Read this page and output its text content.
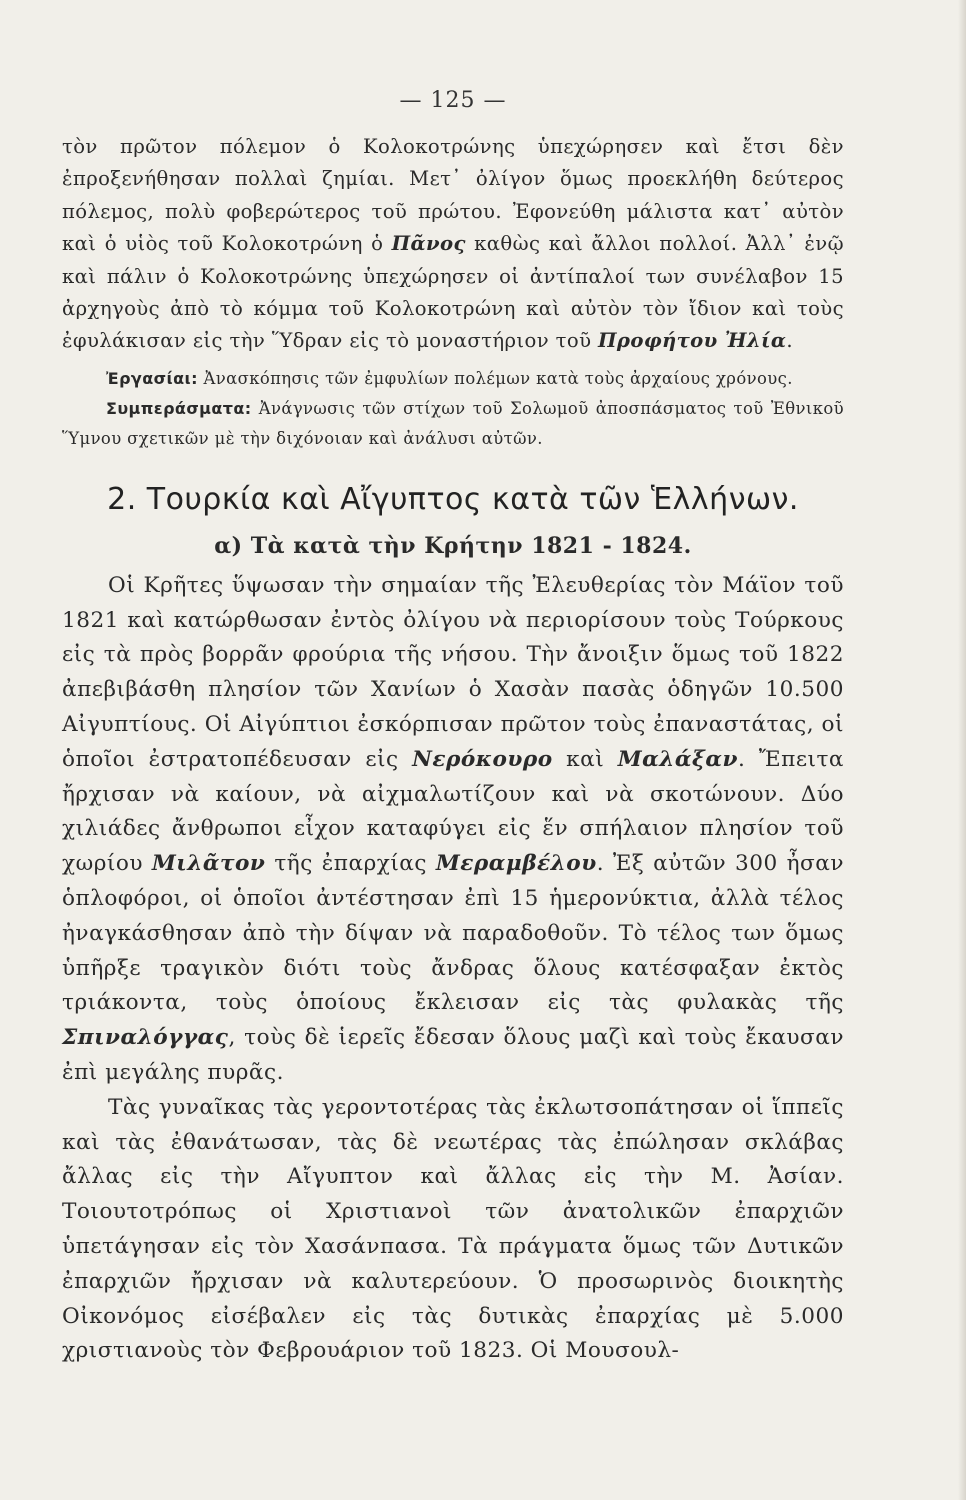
— 125 —

τὸν πρῶτον πόλεμον ὁ Κολοκοτρώνης ὑπεχώρησεν καὶ ἔτσι δὲν ἐπροξενήθησαν πολλαὶ ζημίαι. Μετ᾽ ὀλίγον ὅμως προεκλήθη δεύτερος πόλεμος, πολὺ φοβερώτερος τοῦ πρώτου. Ἐφονεύθη μάλιστα κατ᾽ αὐτὸν καὶ ὁ υἱὸς τοῦ Κολοκοτρώνη ὁ Πᾶνος καθὼς καὶ ἄλλοι πολλοί. Ἀλλ᾽ ἐνῷ καὶ πάλιν ὁ Κολοκοτρώνης ὑπεχώρησεν οἱ ἀντίπαλοί των συνέλαβον 15 ἀρχηγοὺς ἀπὸ τὸ κόμμα τοῦ Κολοκοτρώνη καὶ αὐτὸν τὸν ἴδιον καὶ τοὺς ἐφυλάκισαν εἰς τὴν Ὕδραν εἰς τὸ μοναστήριον τοῦ Προφήτου Ἠλία.

Ἐργασίαι: Ἀνασκόπησις τῶν ἐμφυλίων πολέμων κατὰ τοὺς ἀρχαίους χρόνους.

Συμπεράσματα: Ἀνάγνωσις τῶν στίχων τοῦ Σολωμοῦ ἀποσπάσματος τοῦ Ἐθνικοῦ Ὕμνου σχετικῶν μὲ τὴν διχόνοιαν καὶ ἀνάλυσι αὐτῶν.

2. Τουρκία καὶ Αἴγυπτος κατὰ τῶν Ἑλλήνων.
α) Τὰ κατὰ τὴν Κρήτην 1821 - 1824.

Οἱ Κρῆτες ὕψωσαν τὴν σημαίαν τῆς Ἐλευθερίας τὸν Μάϊον τοῦ 1821 καὶ κατώρθωσαν ἐντὸς ὀλίγου νὰ περιορίσουν τοὺς Τούρκους εἰς τὰ πρὸς βορρᾶν φρούρια τῆς νήσου. Τὴν ἄνοιξιν ὅμως τοῦ 1822 ἀπεβιβάσθη πλησίον τῶν Χανίων ὁ Χασὰν πασὰς ὁδηγῶν 10.500 Αἰγυπτίους. Οἱ Αἰγύπτιοι ἐσκόρπισαν πρῶτον τοὺς ἐπαναστάτας, οἱ ὁποῖοι ἐστρατοπέδευσαν εἰς Νερόκουρο καὶ Μαλάξαν. Ἔπειτα ἤρχισαν νὰ καίουν, νὰ αἰχμαλωτίζουν καὶ νὰ σκοτώνουν. Δύο χιλιάδες ἄνθρωποι εἶχον καταφύγει εἰς ἕν σπήλαιον πλησίον τοῦ χωρίου Μιλᾶτον τῆς ἐπαρχίας Μεραμβέλου. Ἐξ αὐτῶν 300 ἦσαν ὁπλοφόροι, οἱ ὁποῖοι ἀντέστησαν ἐπὶ 15 ἡμερονύκτια, ἀλλὰ τέλος ἠναγκάσθησαν ἀπὸ τὴν δίψαν νὰ παραδοθοῦν. Τὸ τέλος των ὅμως ὑπῆρξε τραγικὸν διότι τοὺς ἄνδρας ὅλους κατέσφαξαν ἐκτὸς τριάκοντα, τοὺς ὁποίους ἔκλεισαν εἰς τὰς φυλακὰς τῆς Σπιναλόγγας, τοὺς δὲ ἱερεῖς ἔδεσαν ὅλους μαζὶ καὶ τοὺς ἔκαυσαν ἐπὶ μεγάλης πυρᾶς.

Τὰς γυναῖκας τὰς γεροντοτέρας τὰς ἐκλωτσοπάτησαν οἱ ἵππεῖς καὶ τὰς ἐθανάτωσαν, τὰς δὲ νεωτέρας τὰς ἐπώλησαν σκλάβας ἄλλας εἰς τὴν Αἴγυπτον καὶ ἄλλας εἰς τὴν Μ. Ἀσίαν. Τοιουτοτρόπως οἱ Χριστιανοὶ τῶν ἀνατολικῶν ἐπαρχιῶν ὑπετάγησαν εἰς τὸν Χασάνπασα. Τὰ πράγματα ὅμως τῶν Δυτικῶν ἐπαρχιῶν ἤρχισαν νὰ καλυτερεύουν. Ὁ προσωρινὸς διοικητὴς Οἰκονόμος εἰσέβαλεν εἰς τὰς δυτικὰς ἐπαρχίας μὲ 5.000 χριστιανοὺς τὸν Φεβρουάριον τοῦ 1823. Οἱ Μουσουλ-
